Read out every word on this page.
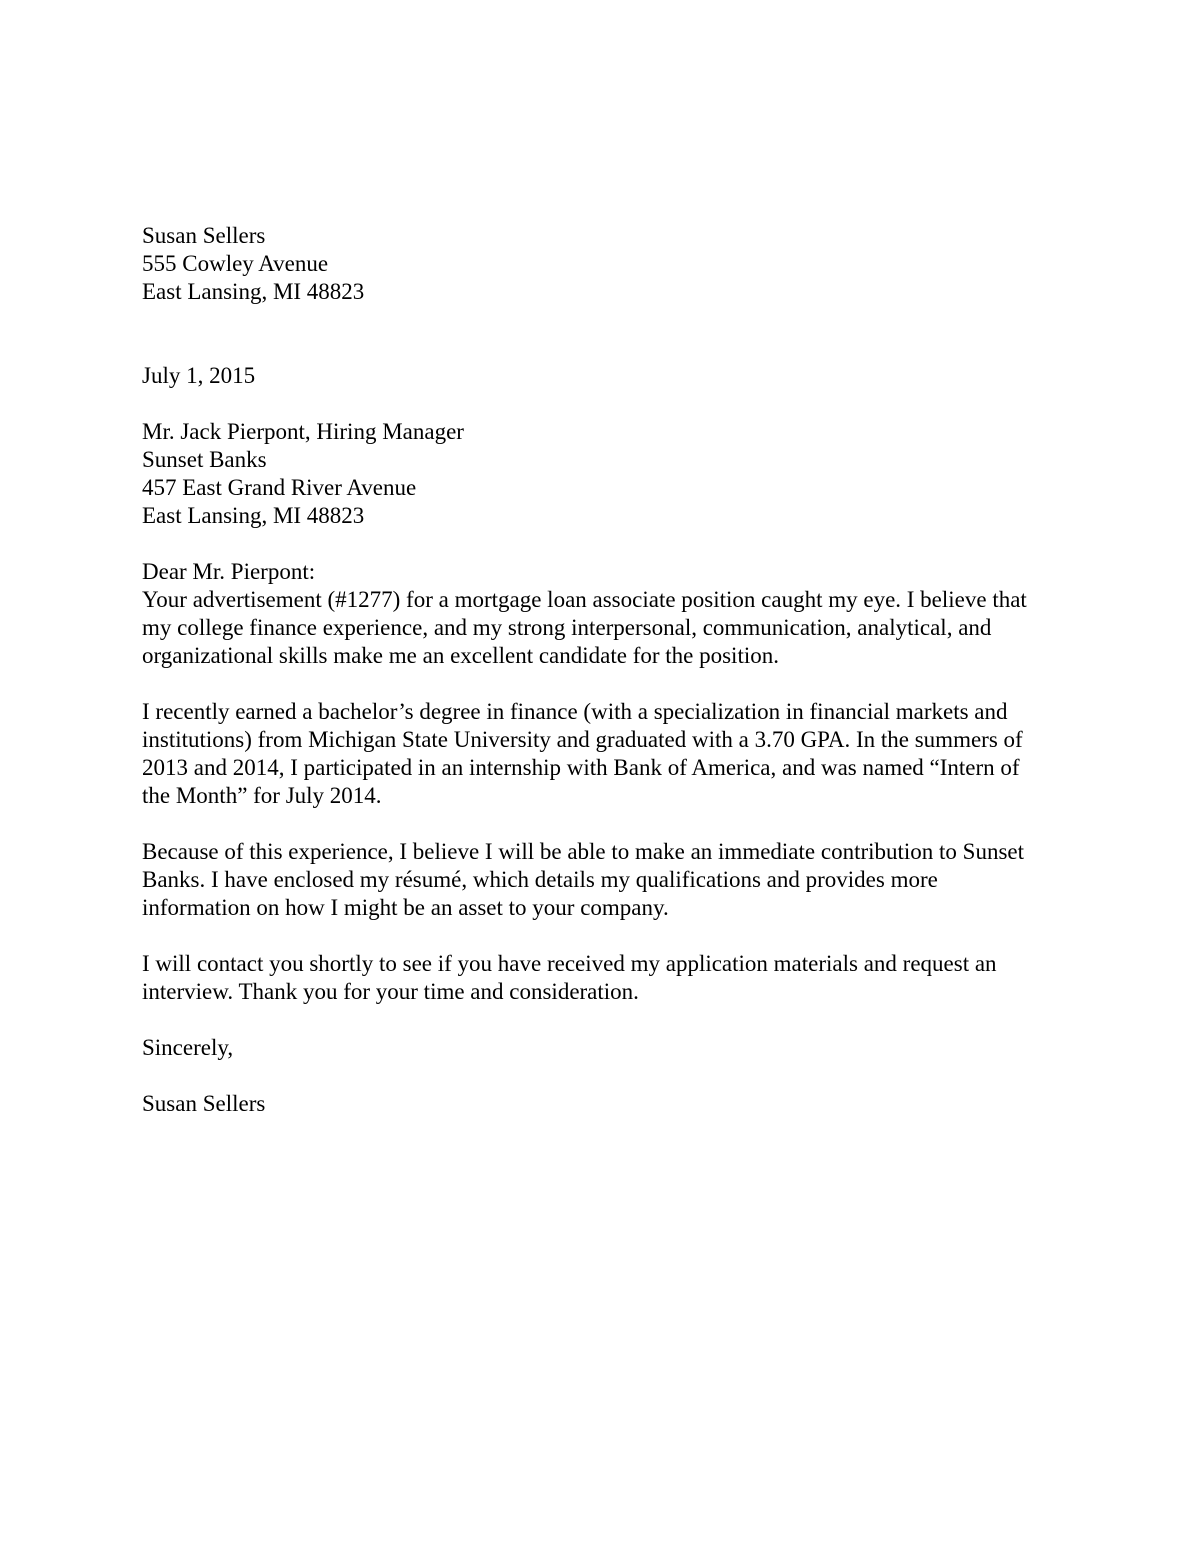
Susan Sellers
555 Cowley Avenue
East Lansing, MI 48823
July 1, 2015
Mr. Jack Pierpont, Hiring Manager
Sunset Banks
457 East Grand River Avenue
East Lansing, MI 48823
Dear Mr. Pierpont:

Your advertisement (#1277) for a mortgage loan associate position caught my eye. I believe that my college finance experience, and my strong interpersonal, communication, analytical, and organizational skills make me an excellent candidate for the position.

I recently earned a bachelor’s degree in finance (with a specialization in financial markets and institutions) from Michigan State University and graduated with a 3.70 GPA. In the summers of 2013 and 2014, I participated in an internship with Bank of America, and was named “Intern of the Month” for July 2014.

Because of this experience, I believe I will be able to make an immediate contribution to Sunset Banks. I have enclosed my résumé, which details my qualifications and provides more information on how I might be an asset to your company.

I will contact you shortly to see if you have received my application materials and request an interview. Thank you for your time and consideration.

Sincerely,
Susan Sellers
